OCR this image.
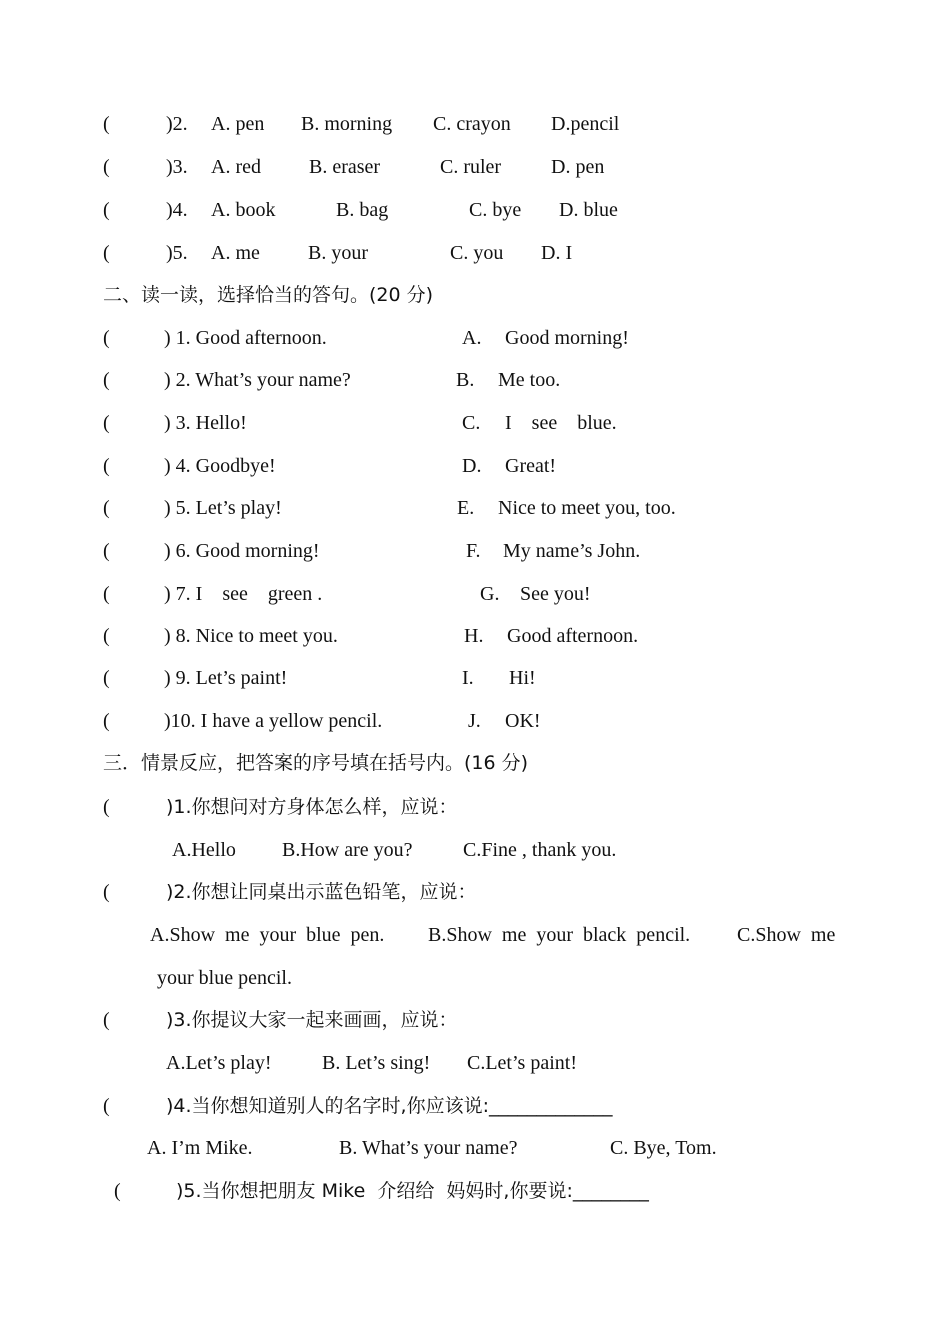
(	)2. A. pen B. morning C. crayon D.pencil
(	)3. A. red B. eraser	C. ruler D. pen
(	)4. A. book	B. bag	C. bye D. blue
(	)5. A. me B. your	C. you D. I
二、读一读，选择恰当的答句。(20 分)
(	) 1. Good afternoon.	A. Good morning!
(	) 2. What’s your name?	B. Me too.
(	) 3. Hello!	C. I    see    blue.
(	) 4. Goodbye!	D. Great!
(	) 5. Let’s play!	E. Nice to meet you, too.
(	) 6. Good morning!	F. My name’s John.
(	) 7. I    see    green .	G. See you!
(	) 8. Nice to meet you.	H. Good afternoon.
(	) 9. Let’s paint!	I. Hi!
(	)10. I have a yellow pencil.	J. OK!
三．情景反应，把答案的序号填在括号内。(16 分)
(	)1.你想问对方身体怎么样，应说：
A.Hello B.How are you?	C.Fine , thank you.
(	)2.你想让同桌出示蓝色铅笔，应说：
A.Show  me  your  blue  pen. B.Show  me  your  black  pencil. C.Show  me
your blue pencil.
(	)3.你提议大家一起来画画，应说：
A.Let’s play!	B. Let’s sing! C.Let’s paint!
(	)4.当你想知道别人的名字时,你应该说:_____________
A. I’m Mike.	B. What’s your name?	C. Bye, Tom.
(	)5.当你想把朋友 Mike  介绍给  妈妈时,你要说:________
